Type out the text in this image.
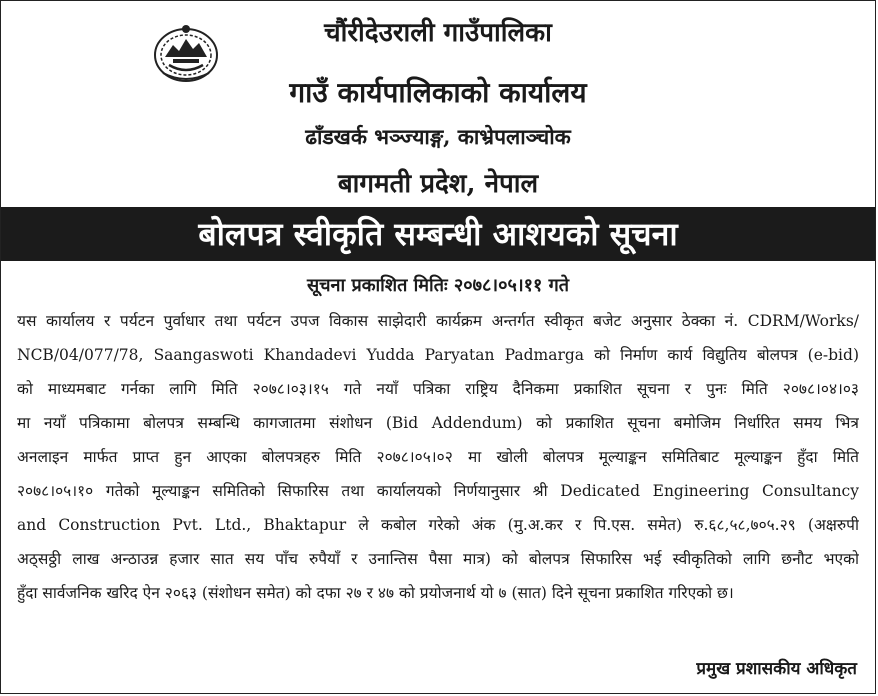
चौंरीदेउराली गाउँपालिका
गाउँ कार्यपालिकाको कार्यालय
ढाँडखर्क भञ्ज्याङ्ग, काभ्रेपलाञ्चोक
बागमती प्रदेश, नेपाल
बोलपत्र स्वीकृति सम्बन्धी आशयको सूचना
सूचना प्रकाशित मितिः २०७८।०५।११ गते
यस कार्यालय र पर्यटन पुर्वाधार तथा पर्यटन उपज विकास साझेदारी कार्यक्रम अन्तर्गत स्वीकृत बजेट अनुसार ठेक्का नं. CDRM/Works/
NCB/04/077/78, Saangaswoti Khandadevi Yudda Paryatan Padmarga को निर्माण कार्य विद्युतिय बोलपत्र (e-bid)
को माध्यमबाट गर्नका लागि मिति २०७८।०३।१५ गते नयाँ पत्रिका राष्ट्रिय दैनिकमा प्रकाशित सूचना र पुनः मिति २०७८।०४।०३
मा नयाँ पत्रिकामा बोलपत्र सम्बन्धि कागजातमा संशोधन (Bid Addendum) को प्रकाशित सूचना बमोजिम निर्धारित समय भित्र
अनलाइन मार्फत प्राप्त हुन आएका बोलपत्रहरु मिति २०७८।०५।०२ मा खोली बोलपत्र मूल्याङ्कन समितिबाट मूल्याङ्कन हुँदा मिति
२०७८।०५।१० गतेको मूल्याङ्कन समितिको सिफारिस तथा कार्यालयको निर्णयानुसार श्री Dedicated Engineering Consultancy
and Construction Pvt. Ltd., Bhaktapur ले कबोल गरेको अंक (मु.अ.कर र पि.एस. समेत) रु.६८,५८,७०५.२९ (अक्षरुपी
अठ्सठ्ठी लाख अन्ठाउन्न हजार सात सय पाँच रुपैयाँ र उनान्तिस पैसा मात्र) को बोलपत्र सिफारिस भई स्वीकृतिको लागि छनौट भएको
हुँदा सार्वजनिक खरिद ऐन २०६३ (संशोधन समेत) को दफा २७ र ४७ को प्रयोजनार्थ यो ७ (सात) दिने सूचना प्रकाशित गरिएको छ।
प्रमुख प्रशासकीय अधिकृत
